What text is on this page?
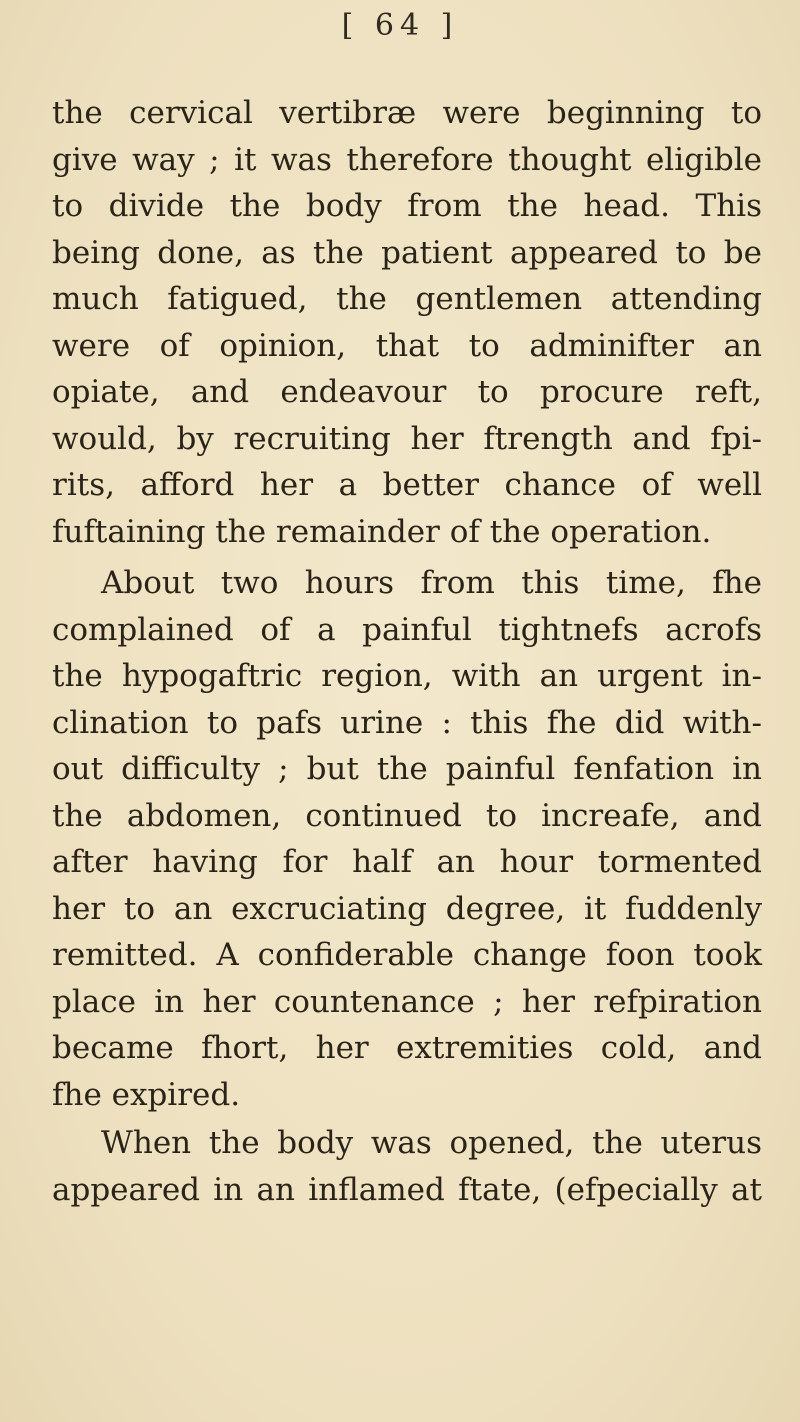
[ 64 ]
the cervical vertibræ were beginning to
give way ; it was therefore thought eligible
to divide the body from the head. This
being done, as the patient appeared to be
much fatigued, the gentlemen attending
were of opinion, that to adminifter an
opiate, and endeavour to procure reft,
would, by recruiting her ftrength and fpi-
rits, afford her a better chance of well
fuftaining the remainder of the operation.
About two hours from this time, fhe
complained of a painful tightnefs acrofs
the hypogaftric region, with an urgent in-
clination to pafs urine : this fhe did with-
out difficulty ; but the painful fenfation in
the abdomen, continued to increafe, and
after having for half an hour tormented
her to an excruciating degree, it fuddenly
remitted. A confiderable change foon took
place in her countenance ; her refpiration
became fhort, her extremities cold, and
fhe expired.
When the body was opened, the uterus
appeared in an inflamed ftate, (efpecially at
